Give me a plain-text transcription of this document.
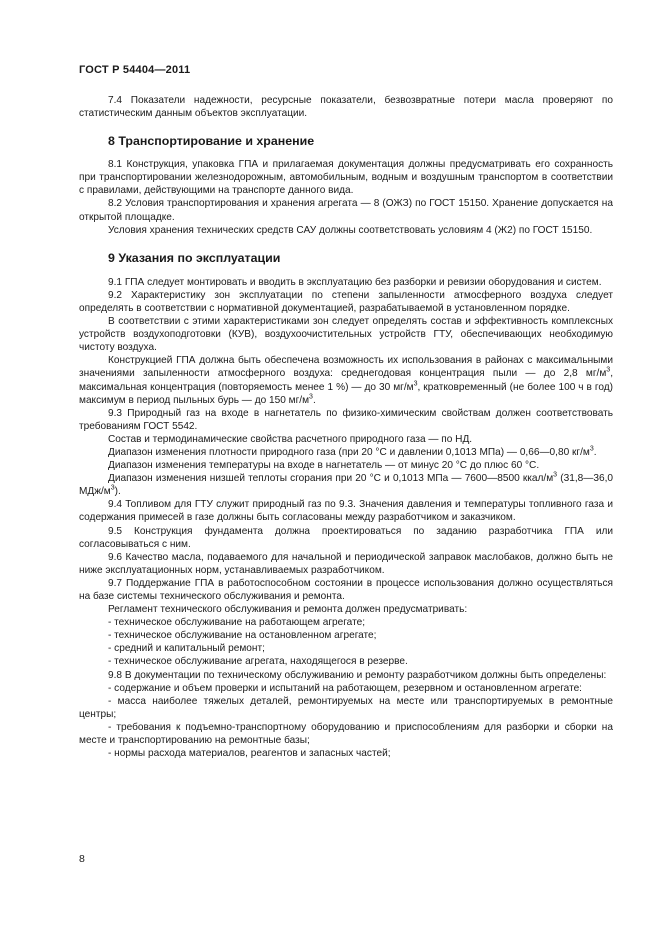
ГОСТ Р 54404—2011

7.4 Показатели надежности, ресурсные показатели, безвозвратные потери масла проверяют по статистическим данным объектов эксплуатации.

8 Транспортирование и хранение

8.1 Конструкция, упаковка ГПА и прилагаемая документация должны предусматривать его сохранность при транспортировании железнодорожным, автомобильным, водным и воздушным транспортом в соответствии с правилами, действующими на транспорте данного вида.

8.2 Условия транспортирования и хранения агрегата — 8 (ОЖЗ) по ГОСТ 15150. Хранение допускается на открытой площадке.

Условия хранения технических средств САУ должны соответствовать условиям 4 (Ж2) по ГОСТ 15150.

9 Указания по эксплуатации

9.1 ГПА следует монтировать и вводить в эксплуатацию без разборки и ревизии оборудования и систем.

9.2 Характеристику зон эксплуатации по степени запыленности атмосферного воздуха следует определять в соответствии с нормативной документацией, разрабатываемой в установленном порядке.

В соответствии с этими характеристиками зон следует определять состав и эффективность комплексных устройств воздухоподготовки (КУВ), воздухоочистительных устройств ГТУ, обеспечивающих необходимую чистоту воздуха.

Конструкцией ГПА должна быть обеспечена возможность их использования в районах с максимальными значениями запыленности атмосферного воздуха: среднегодовая концентрация пыли — до 2,8 $мг/м^3$, максимальная концентрация (повторяемость менее 1 %) — до 30 $мг/м^3$, кратковременный (не более 100 ч в год) максимум в период пыльных бурь — до 150 $мг/м^3$.

9.3 Природный газ на входе в нагнетатель по физико-химическим свойствам должен соответствовать требованиям ГОСТ 5542.

Состав и термодинамические свойства расчетного природного газа — по НД.

Диапазон изменения плотности природного газа (при 20 °С и давлении 0,1013 МПа) — 0,66—0,80 $кг/м^3$.

Диапазон изменения температуры на входе в нагнетатель — от минус 20 °С до плюс 60 °С.

Диапазон изменения низшей теплоты сгорания при 20 °С и 0,1013 МПа — 7600—8500 ккал/$м^3$ (31,8—36,0 МДж/$м^3$).

9.4 Топливом для ГТУ служит природный газ по 9.3. Значения давления и температуры топливного газа и содержания примесей в газе должны быть согласованы между разработчиком и заказчиком.

9.5 Конструкция фундамента должна проектироваться по заданию разработчика ГПА или согласовываться с ним.

9.6 Качество масла, подаваемого для начальной и периодической заправок маслобаков, должно быть не ниже эксплуатационных норм, устанавливаемых разработчиком.

9.7 Поддержание ГПА в работоспособном состоянии в процессе использования должно осуществляться на базе системы технического обслуживания и ремонта.

Регламент технического обслуживания и ремонта должен предусматривать:

- техническое обслуживание на работающем агрегате;

- техническое обслуживание на остановленном агрегате;

- средний и капитальный ремонт;

- техническое обслуживание агрегата, находящегося в резерве.

9.8 В документации по техническому обслуживанию и ремонту разработчиком должны быть определены:

- содержание и объем проверки и испытаний на работающем, резервном и остановленном агрегате:

- масса наиболее тяжелых деталей, ремонтируемых на месте или транспортируемых в ремонтные центры;

- требования к подъемно-транспортному оборудованию и приспособлениям для разборки и сборки на месте и транспортированию на ремонтные базы;

- нормы расхода материалов, реагентов и запасных частей;

8
